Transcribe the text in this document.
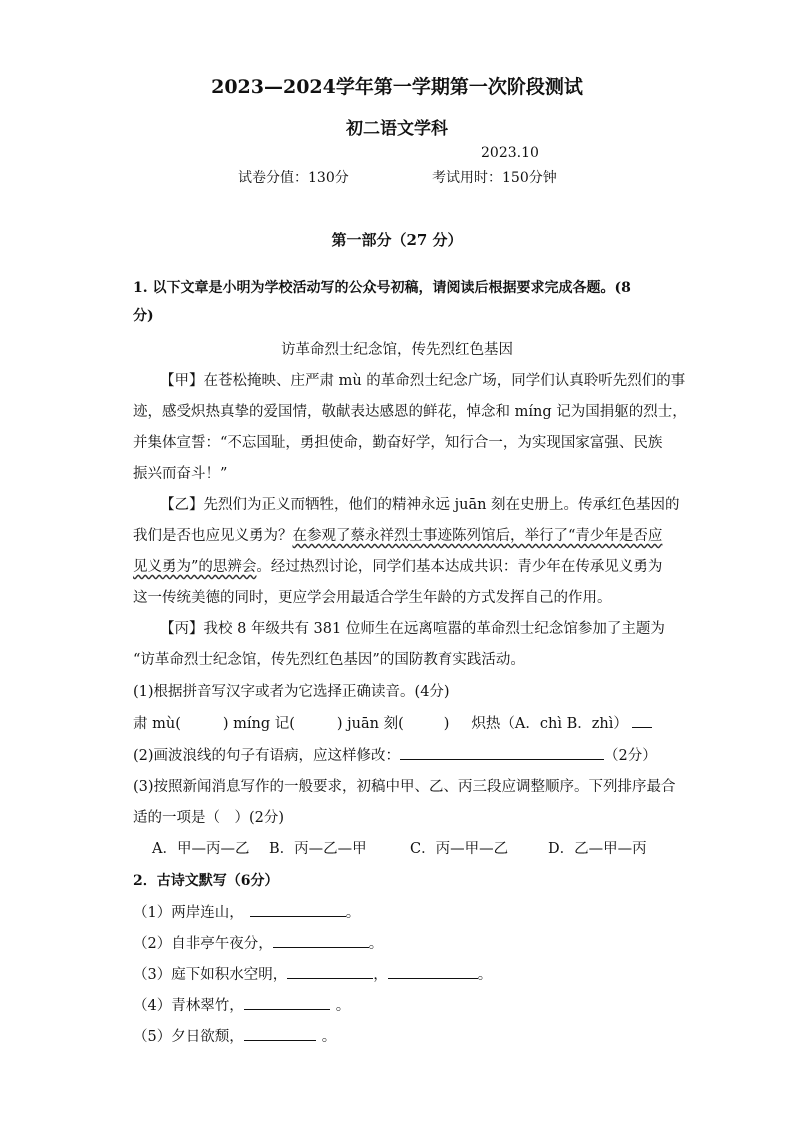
2023—2024学年第一学期第一次阶段测试
初二语文学科
2023.10
试卷分值：130分	考试用时：150分钟
第一部分（27 分）
1. 以下文章是小明为学校活动写的公众号初稿，请阅读后根据要求完成各题。(8
分)
访革命烈士纪念馆，传先烈红色基因
【甲】在苍松掩映、庄严肃 mù 的革命烈士纪念广场，同学们认真聆听先烈们的事
迹，感受炽热真挚的爱国情，敬献表达感恩的鲜花，悼念和 míng 记为国捐躯的烈士，
并集体宣誓：“不忘国耻，勇担使命，勤奋好学，知行合一，为实现国家富强、民族
振兴而奋斗！”
【乙】先烈们为正义而牺牲，他们的精神永远 juān 刻在史册上。传承红色基因的
我们是否也应见义勇为？在参观了蔡永祥烈士事迹陈列馆后，举行了“青少年是否应
见义勇为”的思辨会。经过热烈讨论，同学们基本达成共识：青少年在传承见义勇为
这一传统美德的同时，更应学会用最适合学生年龄的方式发挥自己的作用。
【丙】我校 8 年级共有 381 位师生在远离喧嚣的革命烈士纪念馆参加了主题为
“访革命烈士纪念馆，传先烈红色基因”的国防教育实践活动。
(1)根据拼音写汉字或者为它选择正确读音。(4分)
肃 mù(	) míng 记(	) juān 刻(	) 炽热（A．chì B．zhì）
(2)画波浪线的句子有语病，应这样修改：	（2分）
(3)按照新闻消息写作的一般要求，初稿中甲、乙、丙三段应调整顺序。下列排序最合
适的一项是（　）(2分)
A．甲—丙—乙 B．丙—乙—甲	C．丙—甲—乙	D．乙—甲—丙
2．古诗文默写（6分）
（1）两岸连山，	。
（2）自非亭午夜分，	。
（3）庭下如积水空明，	，	。
（4）青林翠竹，	。
（5）夕日欲颓，	。
